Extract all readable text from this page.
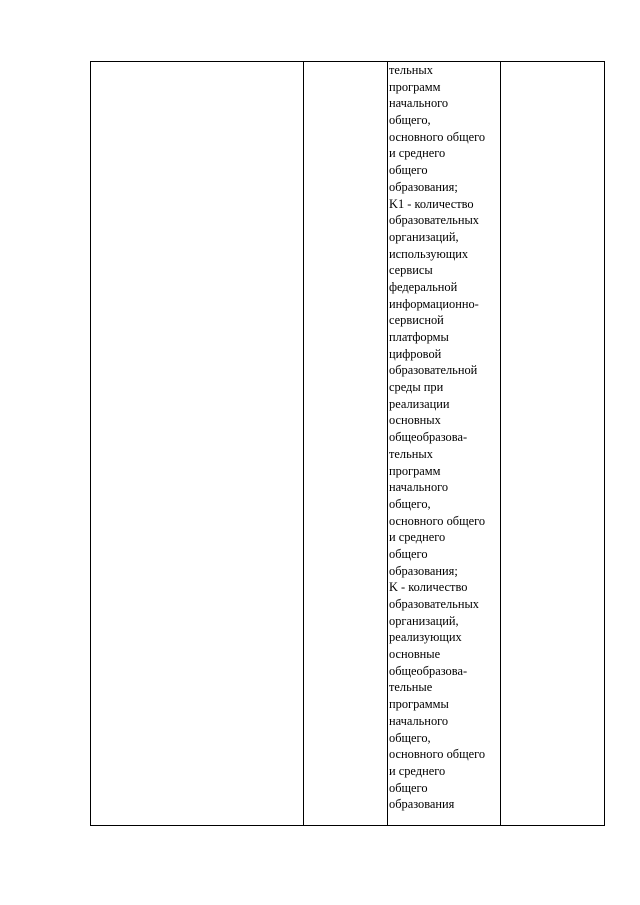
тельных
программ
начального
общего,
основного общего
и среднего
общего
образования;
K1 - количество
образовательных
организаций,
использующих
сервисы
федеральной
информационно-
сервисной
платформы
цифровой
образовательной
среды при
реализации
основных
общеобразова-
тельных
программ
начального
общего,
основного общего
и среднего
общего
образования;
K - количество
образовательных
организаций,
реализующих
основные
общеобразова-
тельные
программы
начального
общего,
основного общего
и среднего
общего
образования
